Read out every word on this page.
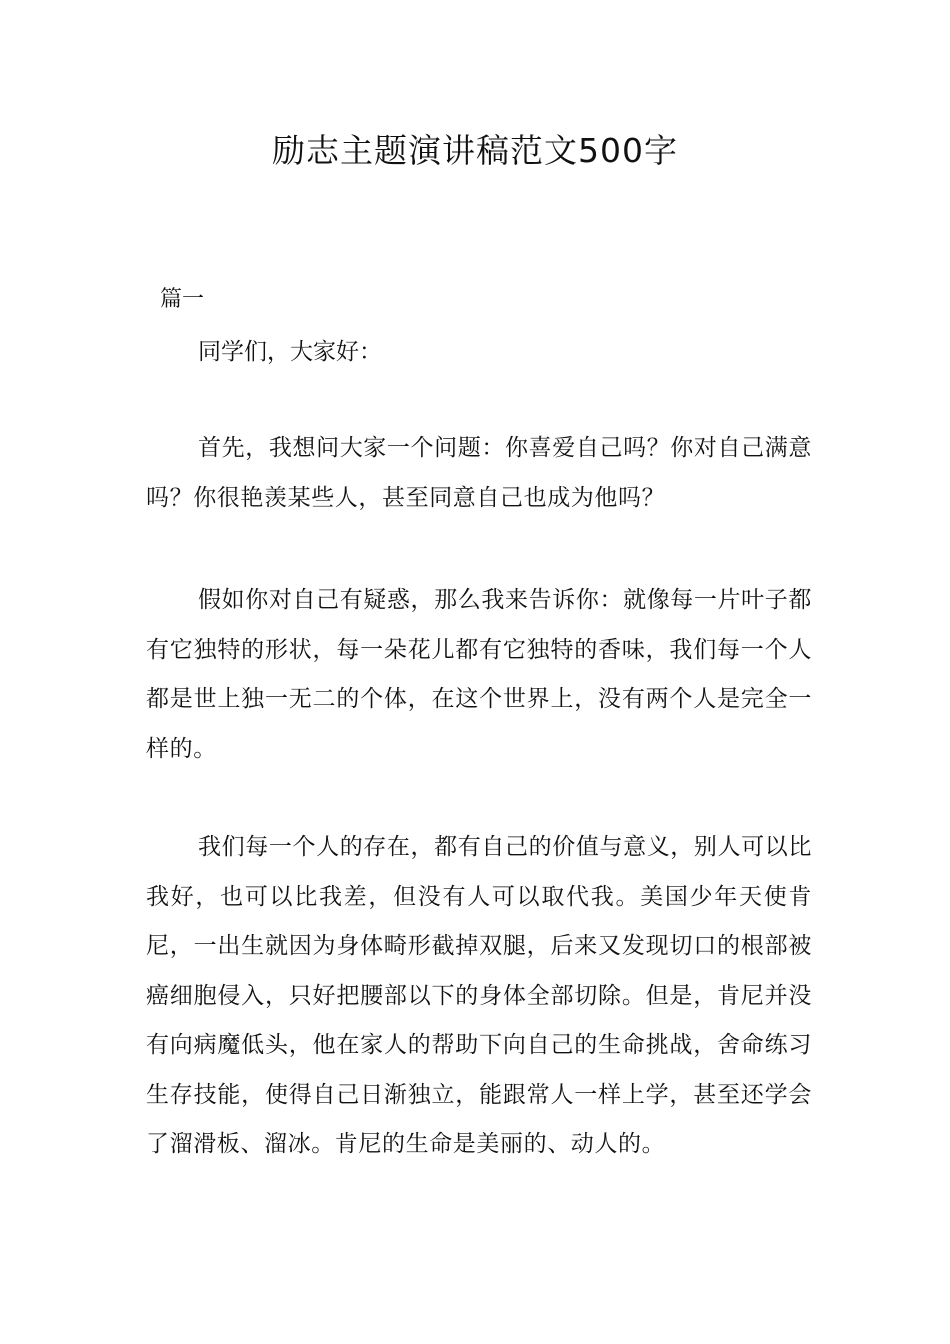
励志主题演讲稿范文500字
篇一
同学们，大家好：

首先，我想问大家一个问题：你喜爱自己吗？你对自己满意吗？你很艳羡某些人，甚至同意自己也成为他吗？

假如你对自己有疑惑，那么我来告诉你：就像每一片叶子都有它独特的形状，每一朵花儿都有它独特的香味，我们每一个人都是世上独一无二的个体，在这个世界上，没有两个人是完全一样的。

我们每一个人的存在，都有自己的价值与意义，别人可以比我好，也可以比我差，但没有人可以取代我。美国少年天使肯尼，一出生就因为身体畸形截掉双腿，后来又发现切口的根部被癌细胞侵入，只好把腰部以下的身体全部切除。但是，肯尼并没有向病魔低头，他在家人的帮助下向自己的生命挑战，舍命练习生存技能，使得自己日渐独立，能跟常人一样上学，甚至还学会了溜滑板、溜冰。肯尼的生命是美丽的、动人的。
